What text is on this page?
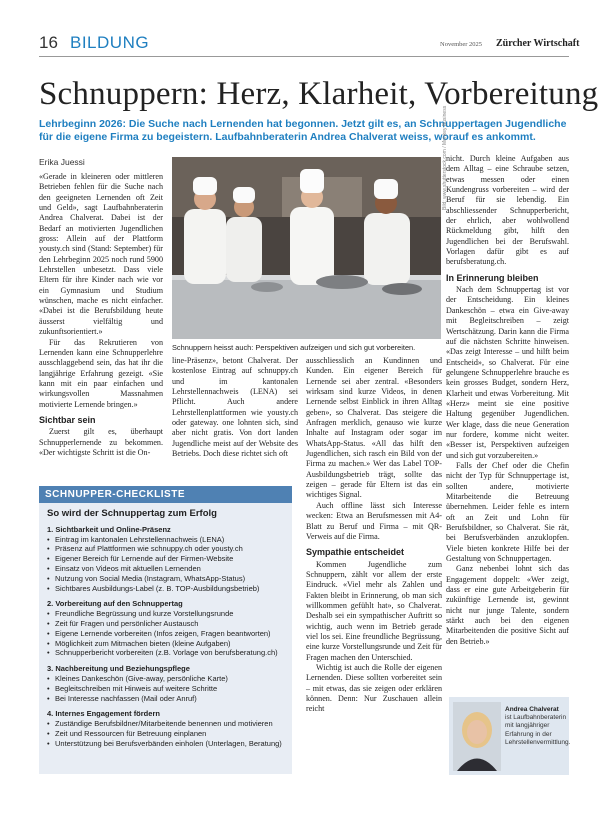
16 BILDUNG	November 2025 Zürcher Wirtschaft
Schnuppern: Herz, Klarheit, Vorbereitung
Lehrbeginn 2026: Die Suche nach Lernenden hat begonnen. Jetzt gilt es, an Schnuppertagen Jugendliche für die eigene Firma zu begeistern. Laufbahnberaterin Andrea Chalverat weiss, worauf es ankommt.
Erika Juessi

«Gerade in kleineren oder mittleren Betrieben fehlen für die Suche nach den geeigneten Lernenden oft Zeit und Geld», sagt Laufbahnberaterin Andrea Chalverat. Dabei ist der Bedarf an motivierten Jugendlichen gross: Allein auf der Plattform yousty.ch sind (Stand: September) für den Lehrbeginn 2025 noch rund 5900 Lehrstellen unbesetzt. Dass viele Eltern für ihre Kinder nach wie vor ein Gymnasium und Studium wünschen, mache es nicht einfacher. «Dabei ist die Berufsbildung heute äusserst vielfältig und zukunftsorientiert.»

Für das Rekrutieren von Lernenden kann eine Schnupperlehre ausschlaggebend sein, das hat ihr die langjährige Erfahrung gezeigt. «Sie kann mit ein paar einfachen und wirkungsvollen Massnahmen motivierte Lernende bringen.»

Sichtbar sein

Zuerst gilt es, überhaupt Schnupperlernende zu bekommen. «Der wichtigste Schritt ist die On-

Bild: www.shutterstock.com / Monkey Business
Schnuppern heisst auch: Perspektiven aufzeigen und sich gut vorbereiten.

line-Präsenz», betont Chalverat. Der kostenlose Eintrag auf schnuppy.ch und im kantonalen Lehrstellennachweis (LENA) sei Pflicht. Auch andere Lehrstellenplattformen wie yousty.ch oder gateway. one lohnten sich, sind aber nicht gratis. Von dort landen Jugendliche meist auf der Website des Betriebs. Doch diese richtet sich oft

ausschliesslich an Kundinnen und Kunden. Ein eigener Bereich für Lernende sei aber zentral. «Besonders wirksam sind kurze Videos, in denen Lernende selbst Einblick in ihren Alltag geben», so Chalverat. Das steigere die Anfragen merklich, genauso wie kurze Inhalte auf Instagram oder sogar im WhatsApp-Status. «All das hilft den Jugendlichen, sich rasch ein Bild von der Firma zu machen.» Wer das Label TOP-Ausbildungsbetrieb trägt, sollte das zeigen – gerade für Eltern ist das ein wichtiges Signal.

Auch offline lässt sich Interesse wecken: Etwa an Berufsmessen mit A4-Blatt zu Beruf und Firma – mit QR-Verweis auf die Firma.

Sympathie entscheidet

Kommen Jugendliche zum Schnuppern, zählt vor allem der erste Eindruck. «Viel mehr als Zahlen und Fakten bleibt in Erinnerung, ob man sich willkommen gefühlt hat», so Chalverat. Deshalb sei ein sympathischer Auftritt so wichtig, auch wenn im Betrieb gerade viel los sei. Eine freundliche Begrüssung, eine kurze Vorstellungsrunde und Zeit für Fragen machen den Unterschied.

Wichtig ist auch die Rolle der eigenen Lernenden. Diese sollten vorbereitet sein – mit etwas, das sie zeigen oder erklären können. Denn: Nur Zuschauen allein reicht

nicht. Durch kleine Aufgaben aus dem Alltag – eine Schraube setzen, etwas messen oder einen Kundengruss vorbereiten – wird der Beruf für sie lebendig. Ein abschliessender Schnupperbericht, der ehrlich, aber wohlwollend Rückmeldung gibt, hilft den Jugendlichen bei der Berufswahl. Vorlagen dafür gibt es auf berufsberatung.ch.

In Erinnerung bleiben

Nach dem Schnuppertag ist vor der Entscheidung. Ein kleines Dankeschön – etwa ein Give-away mit Begleitschreiben – zeigt Wertschätzung. Darin kann die Firma auf die nächsten Schritte hinweisen. «Das zeigt Interesse – und hilft beim Entscheid», so Chalverat. Für eine gelungene Schnupperlehre brauche es kein grosses Budget, sondern Herz, Klarheit und etwas Vorbereitung. Mit «Herz» meint sie eine positive Haltung gegenüber Jugendlichen. Wer klage, dass die neue Generation nur fordere, komme nicht weiter. «Besser ist, Perspektiven aufzeigen und sich gut vorzubereiten.»

Falls der Chef oder die Chefin nicht der Typ für Schnuppertage ist, sollten andere, motivierte Mitarbeitende die Betreuung übernehmen. Leider fehle es intern oft an Zeit und Lohn für Berufsbildner, so Chalverat. Sie rät, bei Berufsverbänden anzuklopfen. Viele bieten konkrete Hilfe bei der Gestaltung von Schnuppertagen.

Ganz nebenbei lohnt sich das Engagement doppelt: «Wer zeigt, dass er eine gute Arbeitgeberin für zukünftige Lernende ist, gewinnt nicht nur junge Talente, sondern stärkt auch bei den eigenen Mitarbeitenden die positive Sicht auf den Betrieb.»

SCHNUPPER-CHECKLISTE
So wird der Schnuppertag zum Erfolg
1. Sichtbarkeit und Online-Präsenz
• Eintrag im kantonalen Lehrstellennachweis (LENA)
• Präsenz auf Plattformen wie schnuppy.ch oder yousty.ch
• Eigener Bereich für Lernende auf der Firmen-Website
• Einsatz von Videos mit aktuellen Lernenden
• Nutzung von Social Media (Instagram, WhatsApp-Status)
• Sichtbares Ausbildungs-Label (z. B. TOP-Ausbildungsbetrieb)
2. Vorbereitung auf den Schnuppertag
• Freundliche Begrüssung und kurze Vorstellungsrunde
• Zeit für Fragen und persönlicher Austausch
• Eigene Lernende vorbereiten (Infos zeigen, Fragen beantworten)
• Möglichkeit zum Mitmachen bieten (kleine Aufgaben)
• Schnupperbericht vorbereiten (z.B. Vorlage von berufsberatung.ch)
3. Nachbereitung und Beziehungspflege
• Kleines Dankeschön (Give-away, persönliche Karte)
• Begleitschreiben mit Hinweis auf weitere Schritte
• Bei Interesse nachfassen (Mail oder Anruf)
4. Internes Engagement fördern
• Zuständige Berufsbildner/Mitarbeitende benennen und motivieren
• Zeit und Ressourcen für Betreuung einplanen
• Unterstützung bei Berufsverbänden einholen (Unterlagen, Beratung)
Andrea Chalverat
ist Laufbahnberaterin mit langjähriger Erfahrung in der Lehrstellenvermittlung.
